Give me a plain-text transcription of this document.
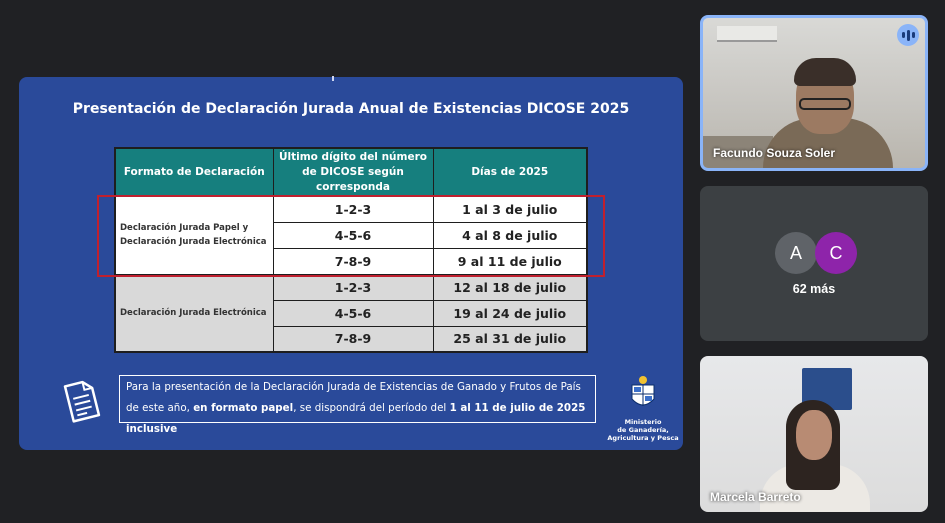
Presentación de Declaración Jurada Anual de Existencias DICOSE 2025
Formato de Declaración	Último dígito del número de DICOSE según corresponda	Días de 2025
Declaración Jurada Papel y Declaración Jurada Electrónica	1-2-3	1 al 3 de julio
	4-5-6	4 al 8 de julio
	7-8-9	9 al 11 de julio
Declaración Jurada Electrónica	1-2-3	12 al 18 de julio
	4-5-6	19 al 24 de julio
	7-8-9	25 al 31 de julio
Para la presentación de la Declaración Jurada de Existencias de Ganado y Frutos de País de este año, en formato papel, se dispondrá del período del 1 al 11 de julio de 2025 inclusive
Ministerio
de Ganadería,
Agricultura y Pesca
Facundo Souza Soler
A	C
62 más
Marcela Barreto
